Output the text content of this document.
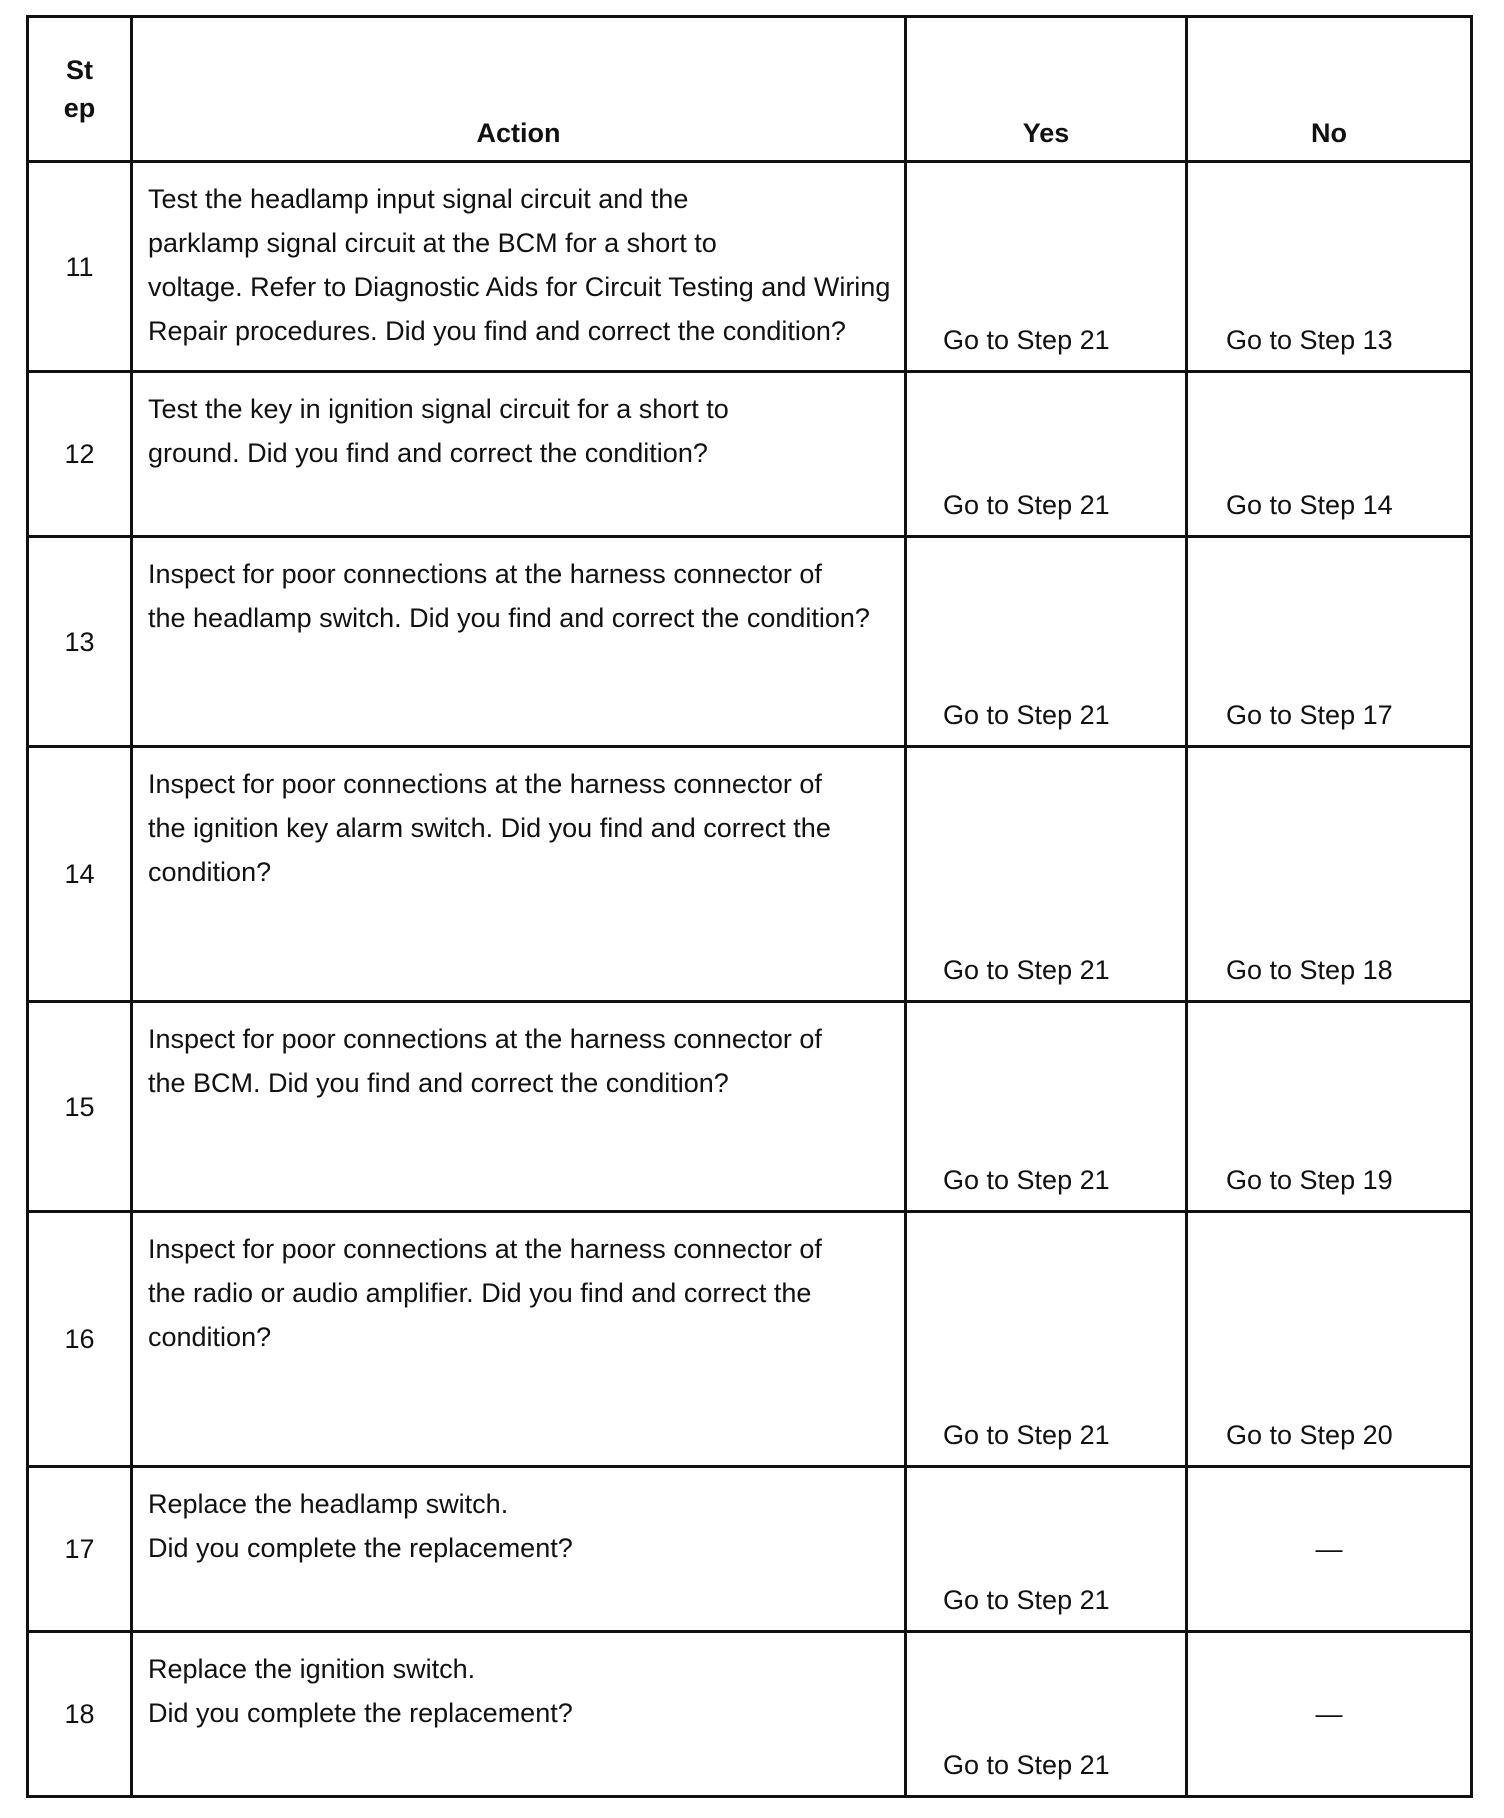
St
ep	Action	Yes	No
11	Test the headlamp input signal circuit and the
parklamp signal circuit at the BCM for a short to
voltage. Refer to Diagnostic Aids for Circuit Testing and Wiring
Repair procedures. Did you find and correct the condition?	Go to Step 21	Go to Step 13
12	Test the key in ignition signal circuit for a short to
ground. Did you find and correct the condition?	Go to Step 21	Go to Step 14
13	Inspect for poor connections at the harness connector of
the headlamp switch. Did you find and correct the condition?	Go to Step 21	Go to Step 17
14	Inspect for poor connections at the harness connector of
the ignition key alarm switch. Did you find and correct the
condition?	Go to Step 21	Go to Step 18
15	Inspect for poor connections at the harness connector of
the BCM. Did you find and correct the condition?	Go to Step 21	Go to Step 19
16	Inspect for poor connections at the harness connector of
the radio or audio amplifier. Did you find and correct the
condition?	Go to Step 21	Go to Step 20
17	Replace the headlamp switch.
Did you complete the replacement?	Go to Step 21	—
18	Replace the ignition switch.
Did you complete the replacement?	Go to Step 21	—
